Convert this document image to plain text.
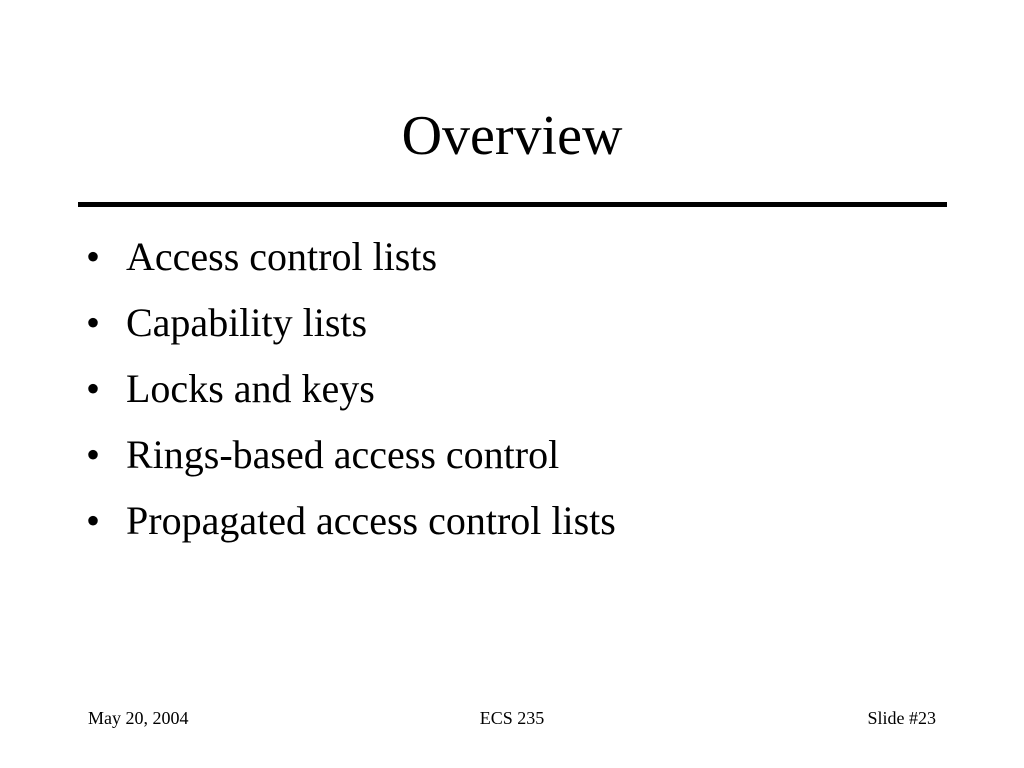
Overview
• Access control lists
• Capability lists
• Locks and keys
• Rings-based access control
• Propagated access control lists
May 20, 2004	ECS 235	Slide #23
